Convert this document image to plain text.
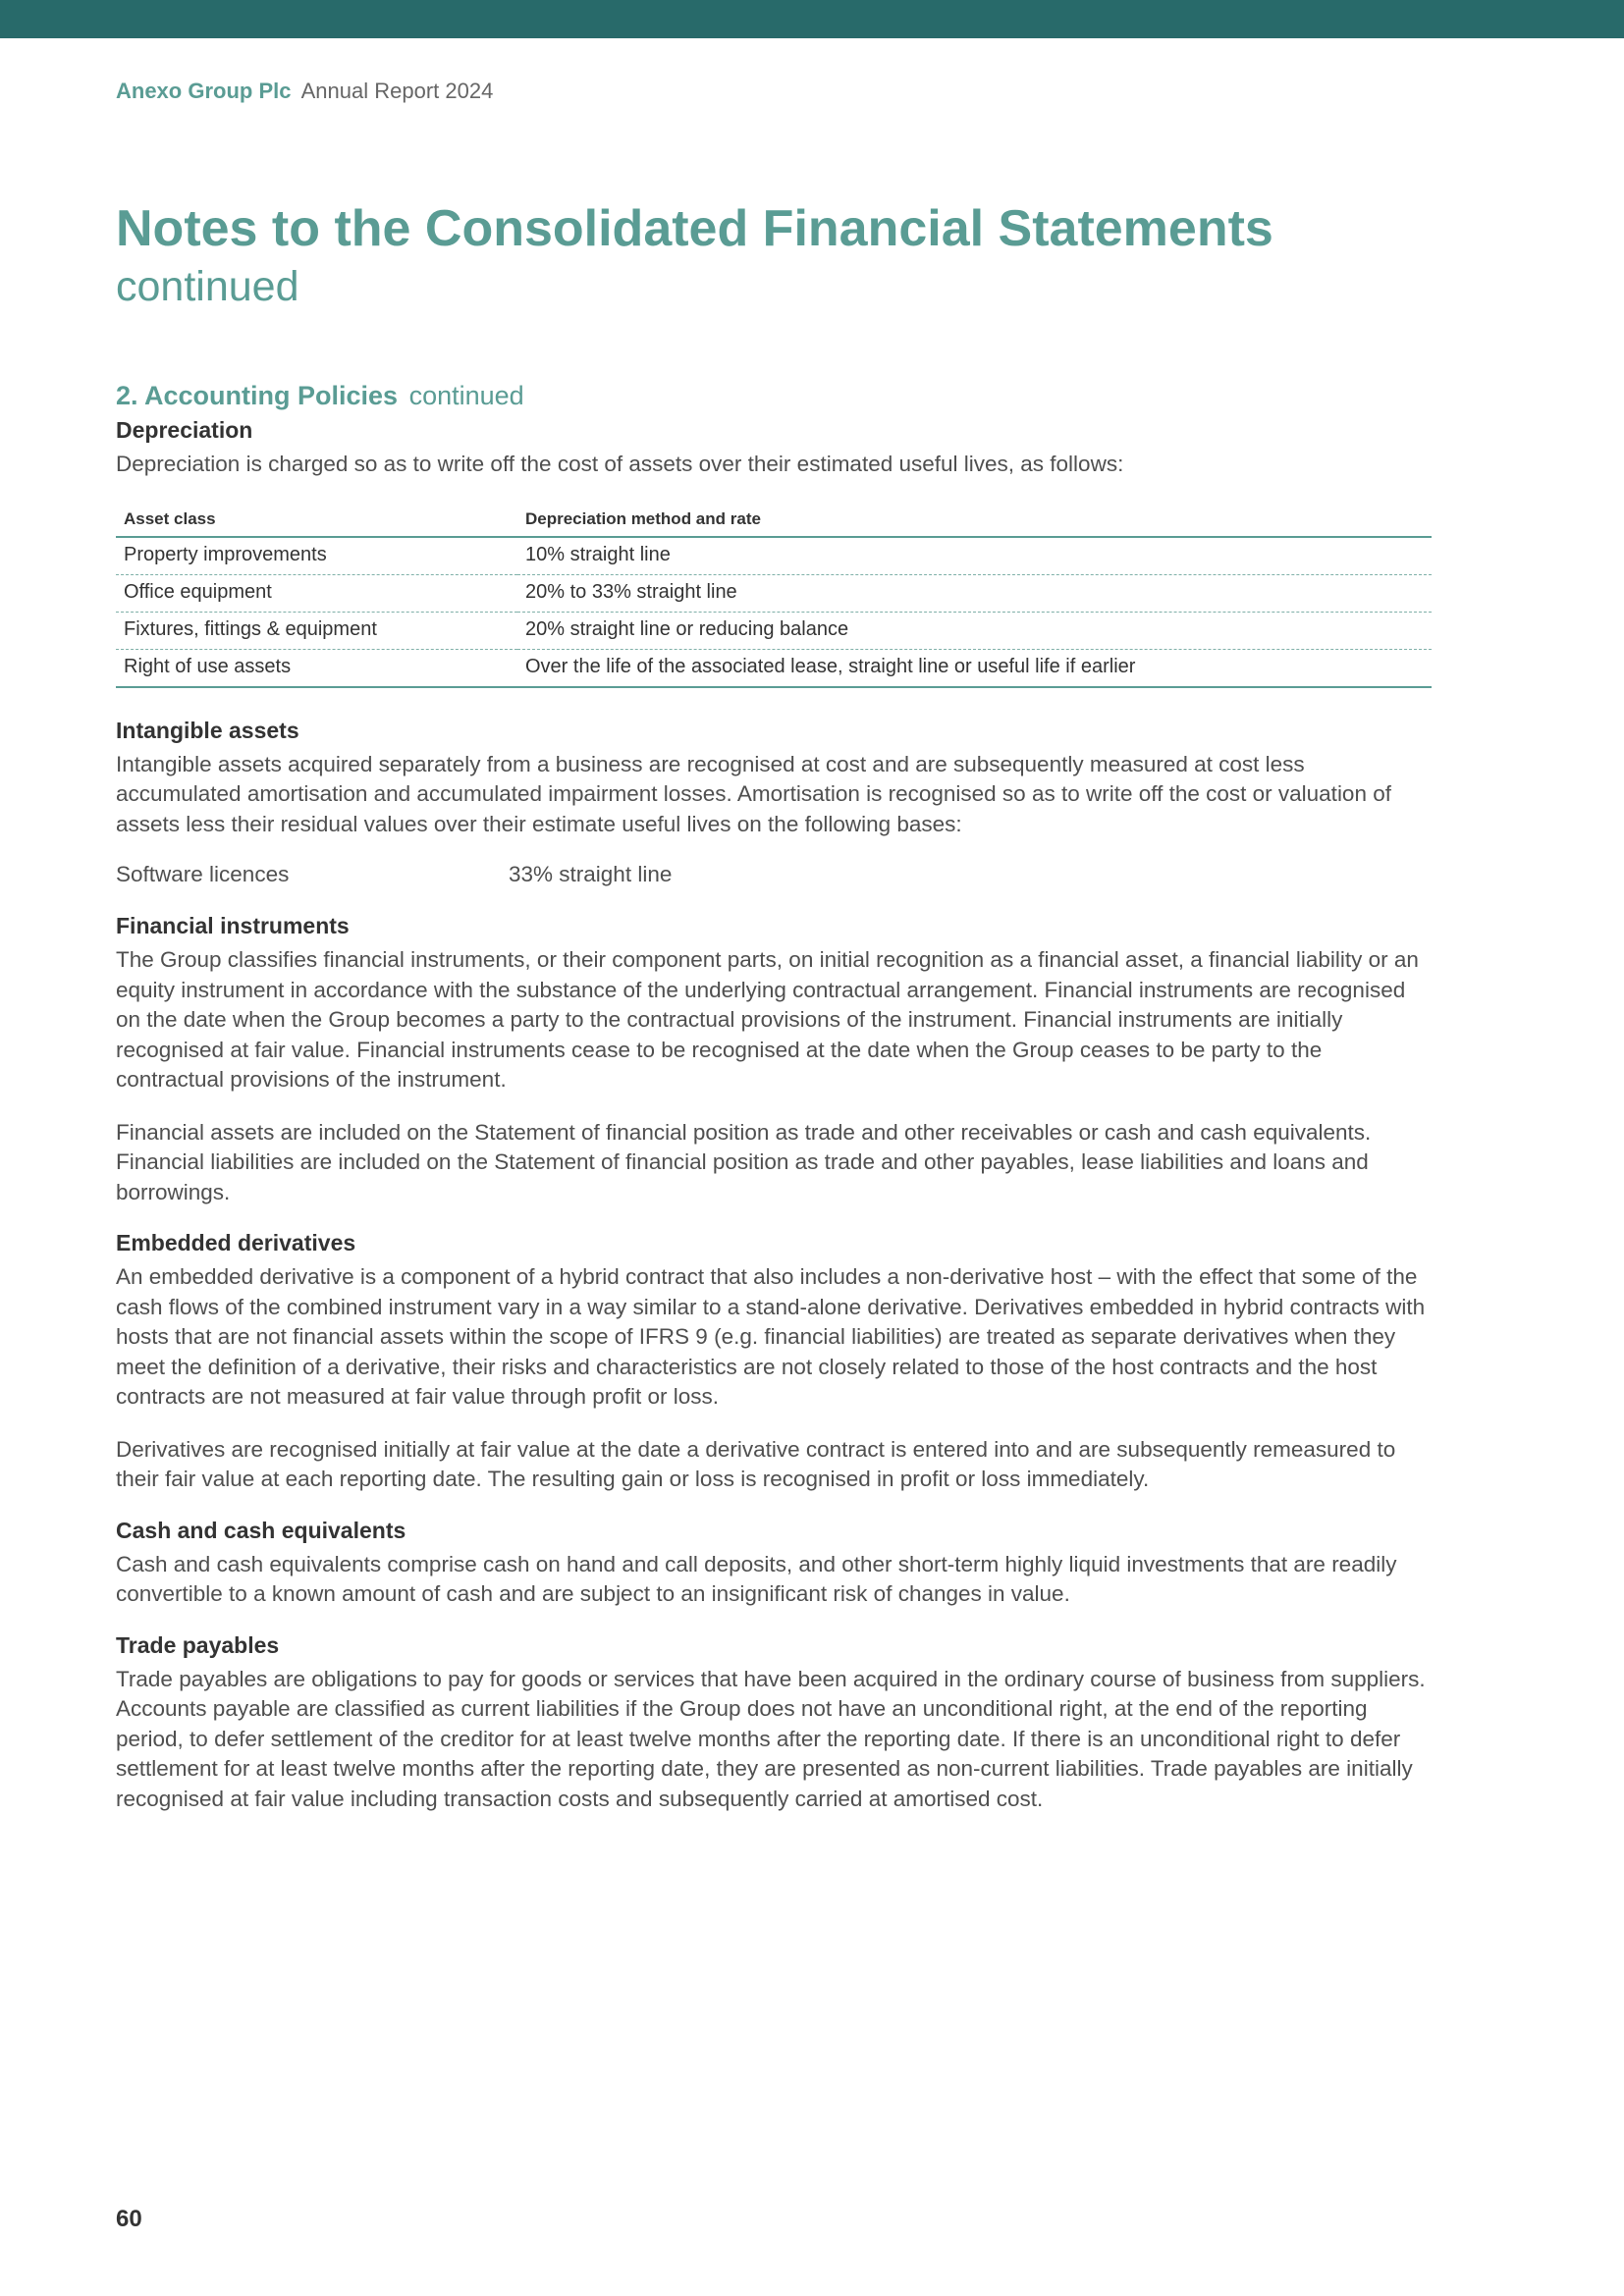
Anexo Group Plc Annual Report 2024
Notes to the Consolidated Financial Statements
continued
2. Accounting Policies continued
Depreciation

Depreciation is charged so as to write off the cost of assets over their estimated useful lives, as follows:

Asset class	Depreciation method and rate
Property improvements	10% straight line
Office equipment	20% to 33% straight line
Fixtures, fittings & equipment	20% straight line or reducing balance
Right of use assets	Over the life of the associated lease, straight line or useful life if earlier
Intangible assets

Intangible assets acquired separately from a business are recognised at cost and are subsequently measured at cost less accumulated amortisation and accumulated impairment losses. Amortisation is recognised so as to write off the cost or valuation of assets less their residual values over their estimate useful lives on the following bases:

Software licences	33% straight line
Financial instruments

The Group classifies financial instruments, or their component parts, on initial recognition as a financial asset, a financial liability or an equity instrument in accordance with the substance of the underlying contractual arrangement. Financial instruments are recognised on the date when the Group becomes a party to the contractual provisions of the instrument. Financial instruments are initially recognised at fair value. Financial instruments cease to be recognised at the date when the Group ceases to be party to the contractual provisions of the instrument.

Financial assets are included on the Statement of financial position as trade and other receivables or cash and cash equivalents. Financial liabilities are included on the Statement of financial position as trade and other payables, lease liabilities and loans and borrowings.

Embedded derivatives

An embedded derivative is a component of a hybrid contract that also includes a non-derivative host – with the effect that some of the cash flows of the combined instrument vary in a way similar to a stand-alone derivative. Derivatives embedded in hybrid contracts with hosts that are not financial assets within the scope of IFRS 9 (e.g. financial liabilities) are treated as separate derivatives when they meet the definition of a derivative, their risks and characteristics are not closely related to those of the host contracts and the host contracts are not measured at fair value through profit or loss.

Derivatives are recognised initially at fair value at the date a derivative contract is entered into and are subsequently remeasured to their fair value at each reporting date. The resulting gain or loss is recognised in profit or loss immediately.

Cash and cash equivalents

Cash and cash equivalents comprise cash on hand and call deposits, and other short-term highly liquid investments that are readily convertible to a known amount of cash and are subject to an insignificant risk of changes in value.

Trade payables

Trade payables are obligations to pay for goods or services that have been acquired in the ordinary course of business from suppliers. Accounts payable are classified as current liabilities if the Group does not have an unconditional right, at the end of the reporting period, to defer settlement of the creditor for at least twelve months after the reporting date. If there is an unconditional right to defer settlement for at least twelve months after the reporting date, they are presented as non-current liabilities. Trade payables are initially recognised at fair value including transaction costs and subsequently carried at amortised cost.

60
